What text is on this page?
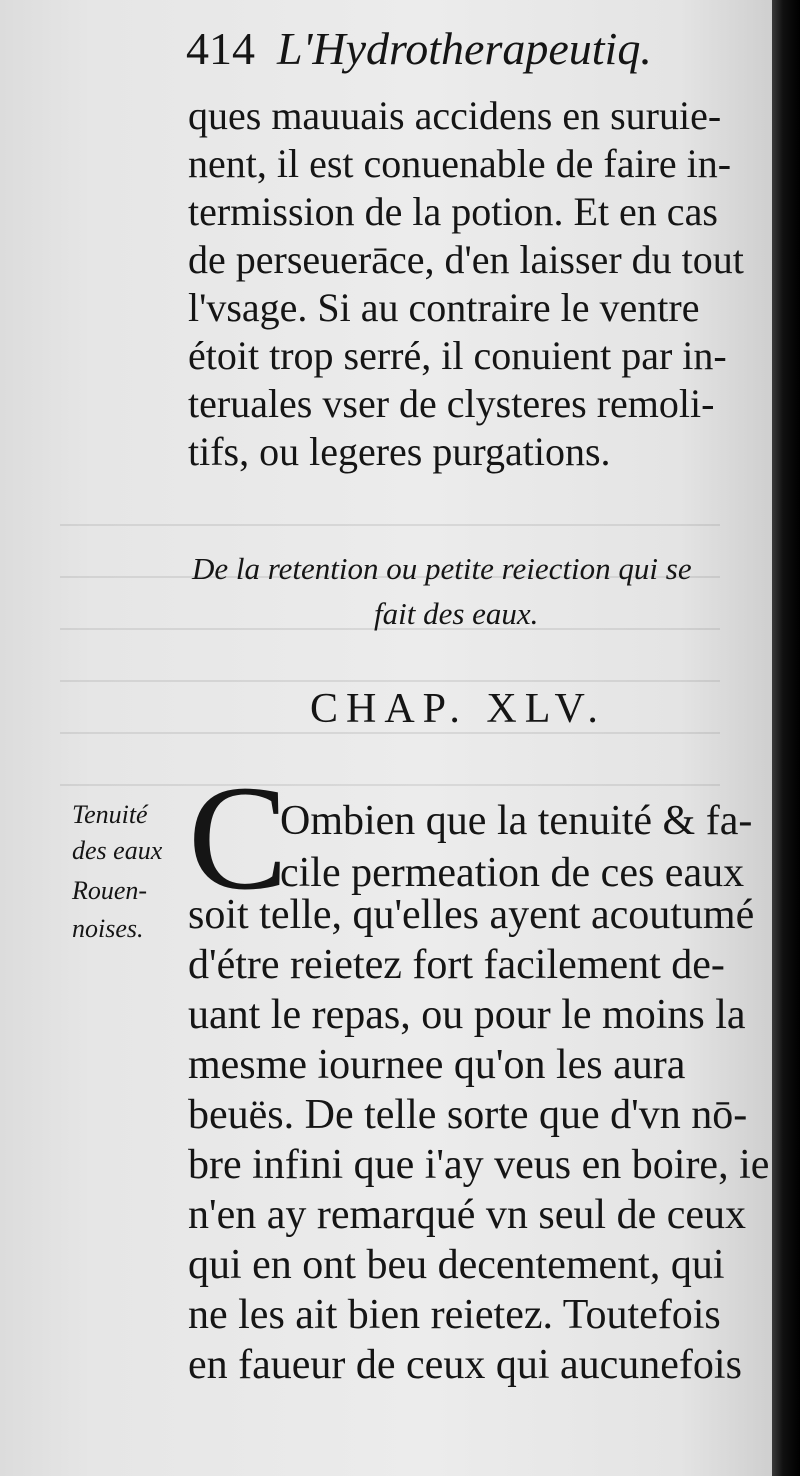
414 L'Hydrotherapeutiq.
ques mauuais accidens en suruie-
nent, il est conuenable de faire in-
termission de la potion. Et en cas
de perseuerāce, d'en laisser du tout
l'vsage. Si au contraire le ventre
étoit trop serré, il conuient par in-
teruales vser de clysteres remoli-
De la retention ou petite reiection qui se
fait des eaux.
CHAP. XLV.
Tenuité
des eaux
Rouen-
noises.
C
Ombien que la tenuité & fa-
cile permeation de ces eaux
soit telle, qu'elles ayent acoutumé
d'étre reietez fort facilement de-
uant le repas, ou pour le moins la
mesme iournee qu'on les aura
beuës. De telle sorte que d'vn nō-
bre infini que i'ay veus en boire, ie
n'en ay remarqué vn seul de ceux
qui en ont beu decentement, qui
ne les ait bien reietez. Toutefois
en faueur de ceux qui aucunefois
tifs, ou legeres purgations.
